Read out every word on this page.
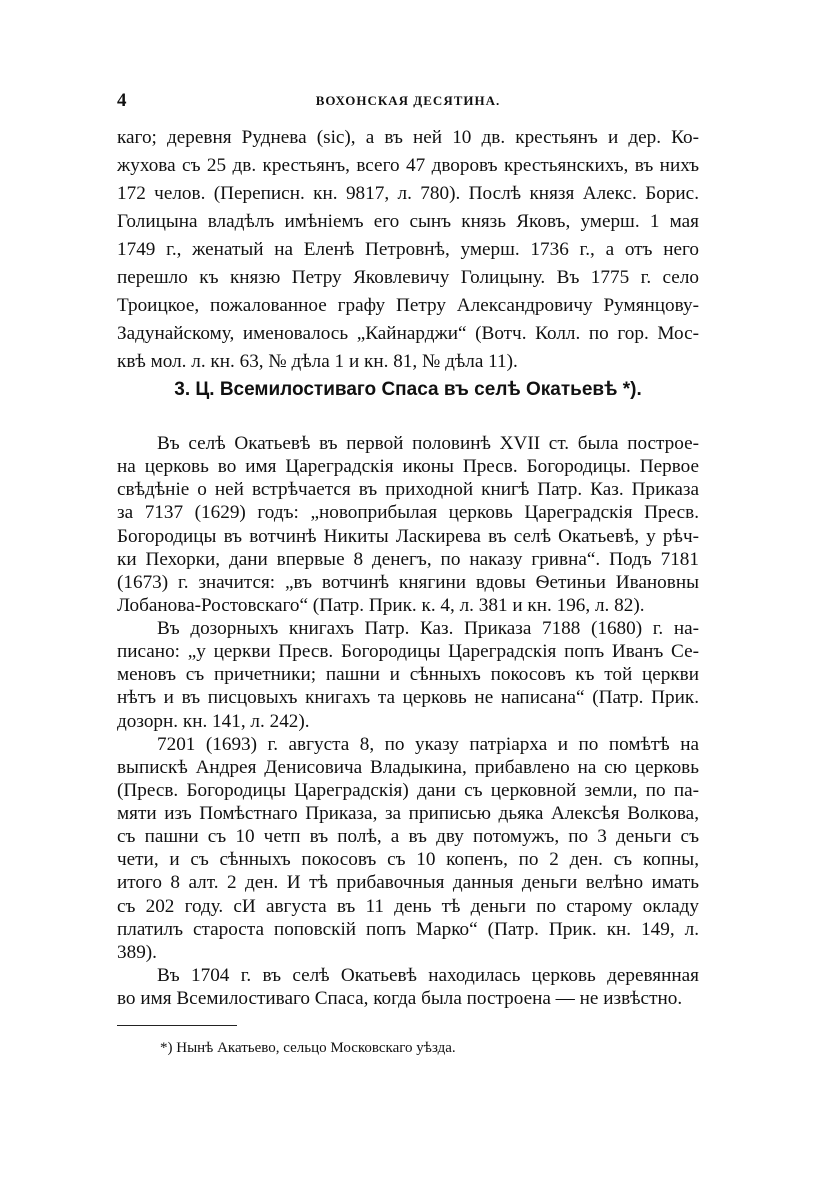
4	ВОХОНСКАЯ ДЕСЯТИНА.
каго; деревня Руднева (sic), а въ ней 10 дв. крестьянъ и дер. Ко-
жухова съ 25 дв. крестьянъ, всего 47 дворовъ крестьянскихъ, въ нихъ
172 челов. (Переписн. кн. 9817, л. 780). Послѣ князя Алекс. Борис.
Голицына владѣлъ имѣніемъ его сынъ князь Яковъ, умерш. 1 мая
1749 г., женатый на Еленѣ Петровнѣ, умерш. 1736 г., а отъ него
перешло къ князю Петру Яковлевичу Голицыну. Въ 1775 г. село
Троицкое, пожалованное графу Петру Александровичу Румянцову-
Задунайскому, именовалось „Кайнарджи“ (Вотч. Колл. по гор. Мос-
квѣ мол. л. кн. 63, № дѣла 1 и кн. 81, № дѣла 11).
3. Ц. Всемилостиваго Спаса въ селѣ Окатьевѣ *).
Въ селѣ Окатьевѣ въ первой половинѣ XVII ст. была построе-
на церковь во имя Цареградскія иконы Пресв. Богородицы. Первое
свѣдѣніе о ней встрѣчается въ приходной книгѣ Патр. Каз. Приказа
за 7137 (1629) годъ: „новоприбылая церковь Цареградскія Пресв.
Богородицы въ вотчинѣ Никиты Ласкирева въ селѣ Окатьевѣ, у рѣч-
ки Пехорки, дани впервые 8 денегъ, по наказу гривна“. Подъ 7181
(1673) г. значится: „въ вотчинѣ княгини вдовы Ѳетиньи Ивановны
Лобанова-Ростовскаго“ (Патр. Прик. к. 4, л. 381 и кн. 196, л. 82).
Въ дозорныхъ книгахъ Патр. Каз. Приказа 7188 (1680) г. на-
писано: „у церкви Пресв. Богородицы Цареградскія попъ Иванъ Се-
меновъ съ причетники; пашни и сѣнныхъ покосовъ къ той церкви
нѣтъ и въ писцовыхъ книгахъ та церковь не написана“ (Патр. Прик.
дозорн. кн. 141, л. 242).
7201 (1693) г. августа 8, по указу патріарха и по помѣтѣ на
выпискѣ Андрея Денисовича Владыкина, прибавлено на сю церковь
(Пресв. Богородицы Цареградскія) дани съ церковной земли, по па-
мяти изъ Помѣстнаго Приказа, за приписью дьяка Алексѣя Волкова,
съ пашни съ 10 четп въ полѣ, а въ дву потомужъ, по 3 деньги съ
чети, и съ сѣнныхъ покосовъ съ 10 копенъ, по 2 ден. съ копны,
итого 8 алт. 2 ден. И тѣ прибавочныя данныя деньги велѣно имать
съ 202 году. сИ августа въ 11 день тѣ деньги по старому окладу
платилъ староста поповскій попъ Марко“ (Патр. Прик. кн. 149, л.
389).
Въ 1704 г. въ селѣ Окатьевѣ находилась церковь деревянная
во имя Всемилостиваго Спаса, когда была построена — не извѣстно.
*) Нынѣ Акатьево, сельцо Московскаго уѣзда.
